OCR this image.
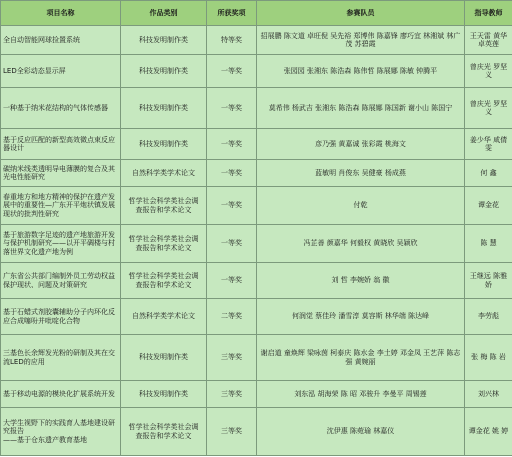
项目名称	作品类别	所获奖项	参赛队员	指导教师

全自动智能网球捡置系统	科技发明制作类	特等奖	招展鹏 陈文道 卓旺倪 吴先裕 郑博伟 陈嘉锋 廖巧宜 林湘斌 林广茂 苏碧霞	王天雷 黄华 卓英莲

LED全彩动态显示屏	科技发明制作类	一等奖	张园园 张湘东 陈浩森 陈伟哲 陈展娜 陈敏 钟腾平	曾庆光 罗坚义

一种基于纳米花结构的气体传感器	科技发明制作类	一等奖	莫希伟 杨武吉 张湘东 陈浩森 陈展娜 陈国新 谢小山 陈国宁	曾庆光 罗坚义

基于反应匹配的新型高效微点束反应器设计	科技发明制作类	一等奖	彦乃强 黄嘉诚 张彩霞 桃海文	姜少华 咸倩雯

碳纳米线类透明导电薄膜的复合及其光电性能研究	自然科学类学术论文	一等奖	蓝敏明 肖俊东 吴健豪 杨成燕	何 鑫

春重地方和地方精神的保护在遗产发展中的重要性—广东开平炮状镇发展现状的批判性研究	哲学社会科学类社会调
查报告和学术论文	一等奖	付乾	谭金花

基于旅游数字足迹的遗产地旅游开发与保护机制研究——以开平碉楼与村落世界文化遗产地为例	哲学社会科学类社会调
查报告和学术论文	一等奖	冯芷善 颜嘉华 何毅权 黄晓欣 吴颖欣	陈 慧

广东省公共部门编制外员工劳动权益保护现状、问题及对策研究	哲学社会科学类社会调
查报告和学术论文	一等奖	刘 哲 李婉娇 翁 徽	王继远 陈雅娇

基于石蜡式剂胶囊辅助分子内环化反应合成噻吩并吡啶化合物	自然科学类学术论文	二等奖	何润觉 蔡佳玲 潘雪淳 莫容斯 林华端 陈达峰	李劳彪

三基色长余辉发光粉的研制及其在交流LED的应用	科技发明制作类	三等奖	谢启道 童焕辉 梁咏茵 柯泰庆 陈水金 李土婷 邓金凤 王艺萍 陈志强 黄婉丽	张 梅 陈 岩

基于移动电源的模块化扩展系统开发	科技发明制作类	三等奖	刘东泓 胡海荣 陈 昭 邓骏升 李曼平 周锡莲	刘兴林

大学生视野下的实践育人基地建设研究报告
——基于仓东遗产教育基地	哲学社会科学类社会调
查报告和学术论文	三等奖	沈伊惠 陈菀瑜 林嘉仪	谭金花 姚 婷
